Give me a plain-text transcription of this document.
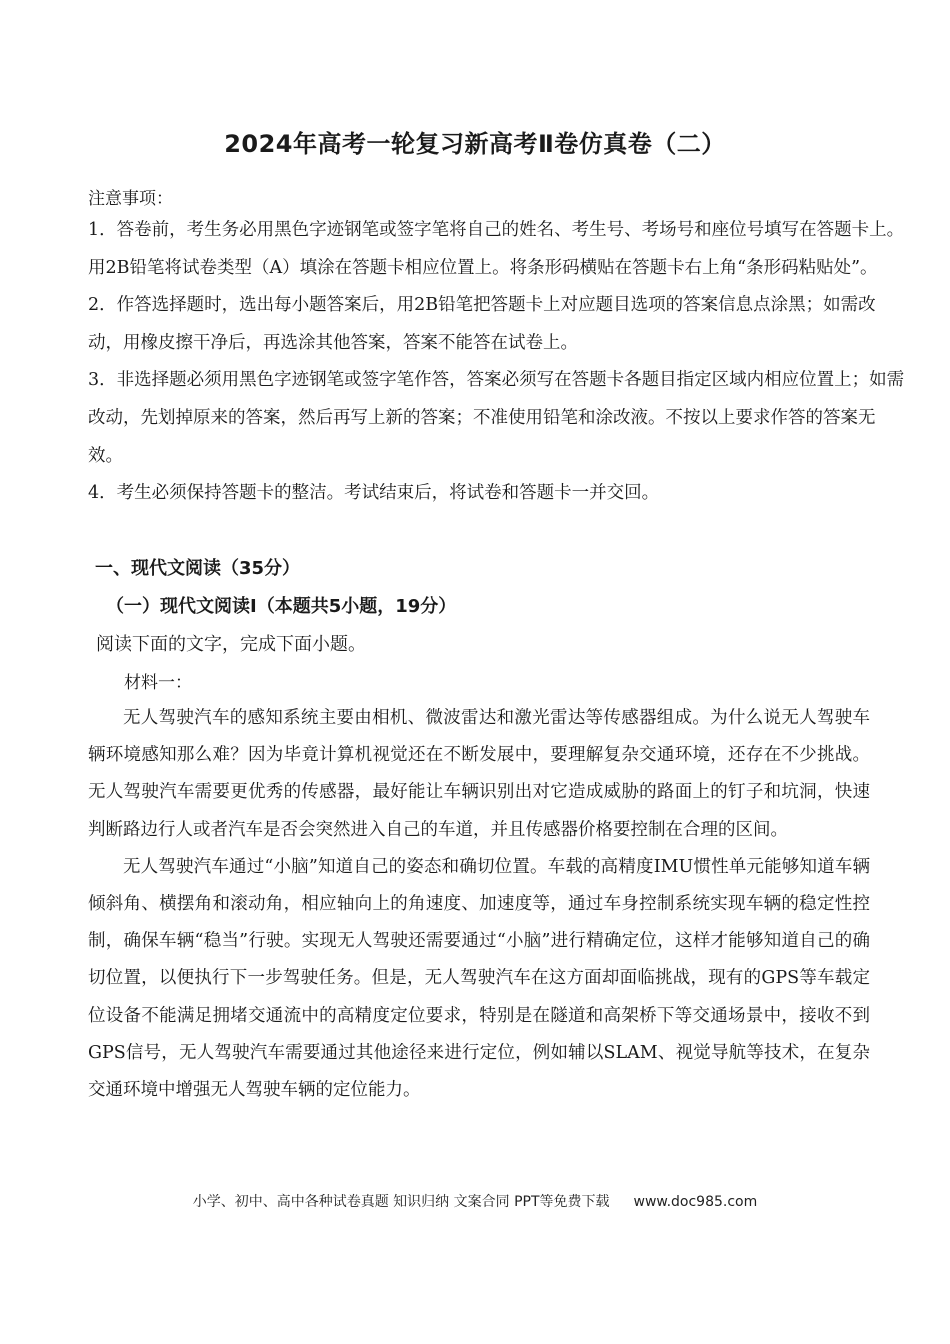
2024年高考一轮复习新高考Ⅱ卷仿真卷（二）
注意事项：

1．答卷前，考生务必用黑色字迹钢笔或签字笔将自己的姓名、考生号、考场号和座位号填写在答题卡上。用2B铅笔将试卷类型（A）填涂在答题卡相应位置上。将条形码横贴在答题卡右上角“条形码粘贴处”。

2．作答选择题时，选出每小题答案后，用2B铅笔把答题卡上对应题目选项的答案信息点涂黑；如需改动，用橡皮擦干净后，再选涂其他答案，答案不能答在试卷上。

3．非选择题必须用黑色字迹钢笔或签字笔作答，答案必须写在答题卡各题目指定区域内相应位置上；如需改动，先划掉原来的答案，然后再写上新的答案；不准使用铅笔和涂改液。不按以上要求作答的答案无效。

4．考生必须保持答题卡的整洁。考试结束后，将试卷和答题卡一并交回。

一、现代文阅读（35分）
（一）现代文阅读Ⅰ（本题共5小题，19分）
阅读下面的文字，完成下面小题。
材料一：

无人驾驶汽车的感知系统主要由相机、微波雷达和激光雷达等传感器组成。为什么说无人驾驶车辆环境感知那么难？因为毕竟计算机视觉还在不断发展中，要理解复杂交通环境，还存在不少挑战。无人驾驶汽车需要更优秀的传感器，最好能让车辆识别出对它造成威胁的路面上的钉子和坑洞，快速判断路边行人或者汽车是否会突然进入自己的车道，并且传感器价格要控制在合理的区间。

无人驾驶汽车通过“小脑”知道自己的姿态和确切位置。车载的高精度IMU惯性单元能够知道车辆倾斜角、横摆角和滚动角，相应轴向上的角速度、加速度等，通过车身控制系统实现车辆的稳定性控制，确保车辆“稳当”行驶。实现无人驾驶还需要通过“小脑”进行精确定位，这样才能够知道自己的确切位置，以便执行下一步驾驶任务。但是，无人驾驶汽车在这方面却面临挑战，现有的GPS等车载定位设备不能满足拥堵交通流中的高精度定位要求，特别是在隧道和高架桥下等交通场景中，接收不到GPS信号，无人驾驶汽车需要通过其他途径来进行定位，例如辅以SLAM、视觉导航等技术，在复杂交通环境中增强无人驾驶车辆的定位能力。

小学、初中、高中各种试卷真题 知识归纳 文案合同 PPT等免费下载 www.doc985.com
